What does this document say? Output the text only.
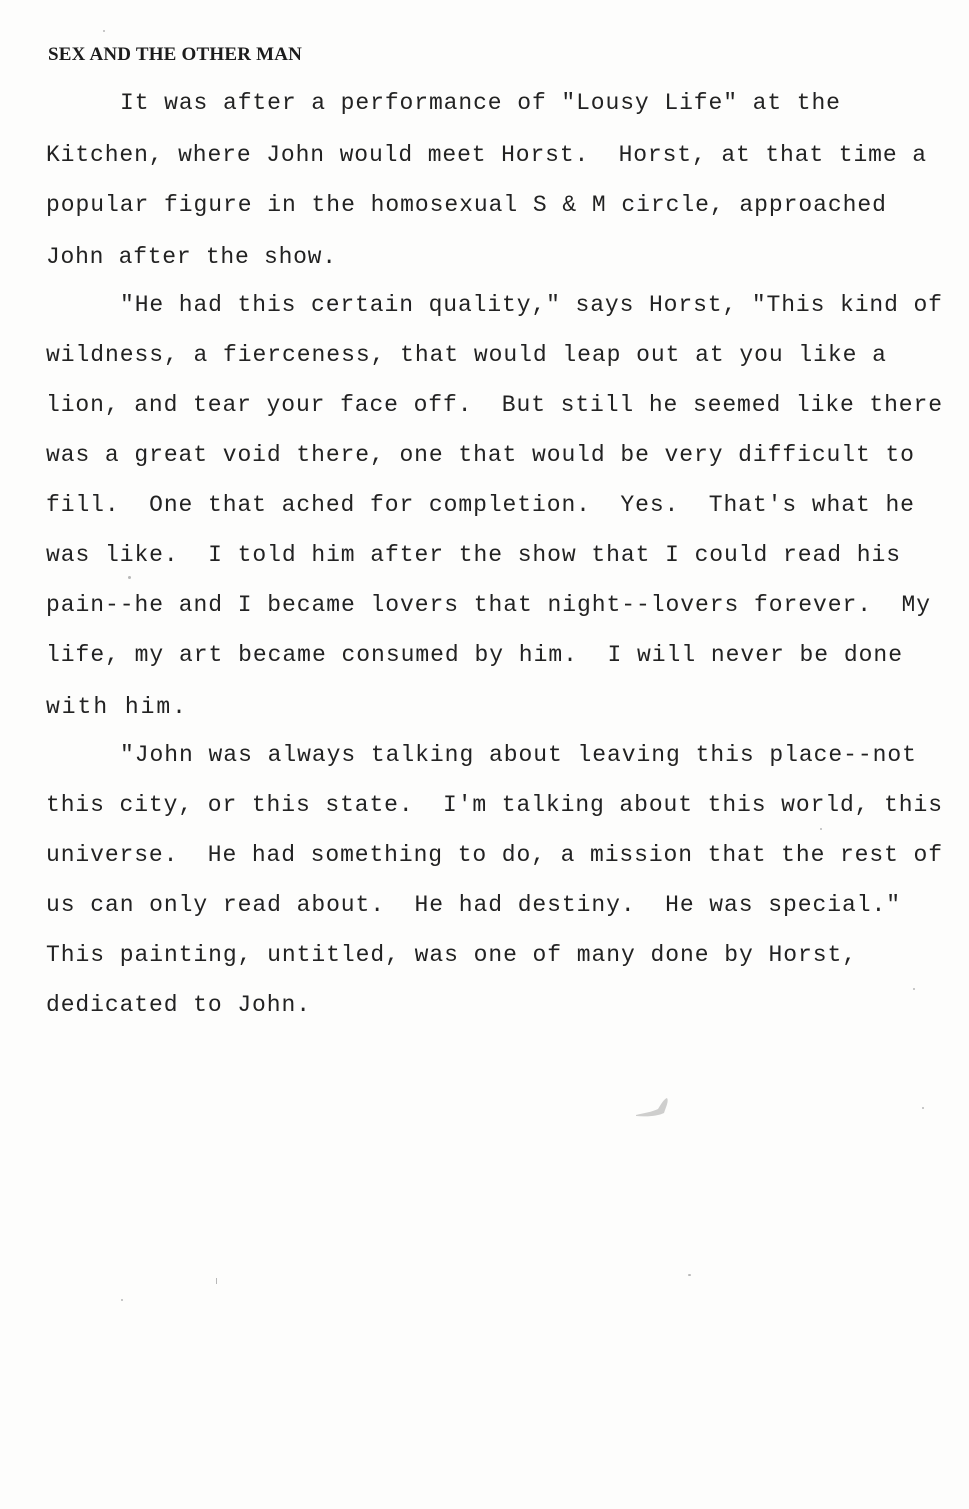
SEX AND THE OTHER MAN

It was after a performance of "Lousy Life" at the

Kitchen, where John would meet Horst.  Horst, at that time a

popular figure in the homosexual S & M circle, approached

John after the show.

"He had this certain quality," says Horst, "This kind of

wildness, a fierceness, that would leap out at you like a

lion, and tear your face off.  But still he seemed like there

was a great void there, one that would be very difficult to

fill.  One that ached for completion.  Yes.  That's what he

was like.  I told him after the show that I could read his

pain--he and I became lovers that night--lovers forever.  My

life, my art became consumed by him.  I will never be done

with him.

"John was always talking about leaving this place--not

this city, or this state.  I'm talking about this world, this

universe.  He had something to do, a mission that the rest of

us can only read about.  He had destiny.  He was special."

This painting, untitled, was one of many done by Horst,

dedicated to John.
